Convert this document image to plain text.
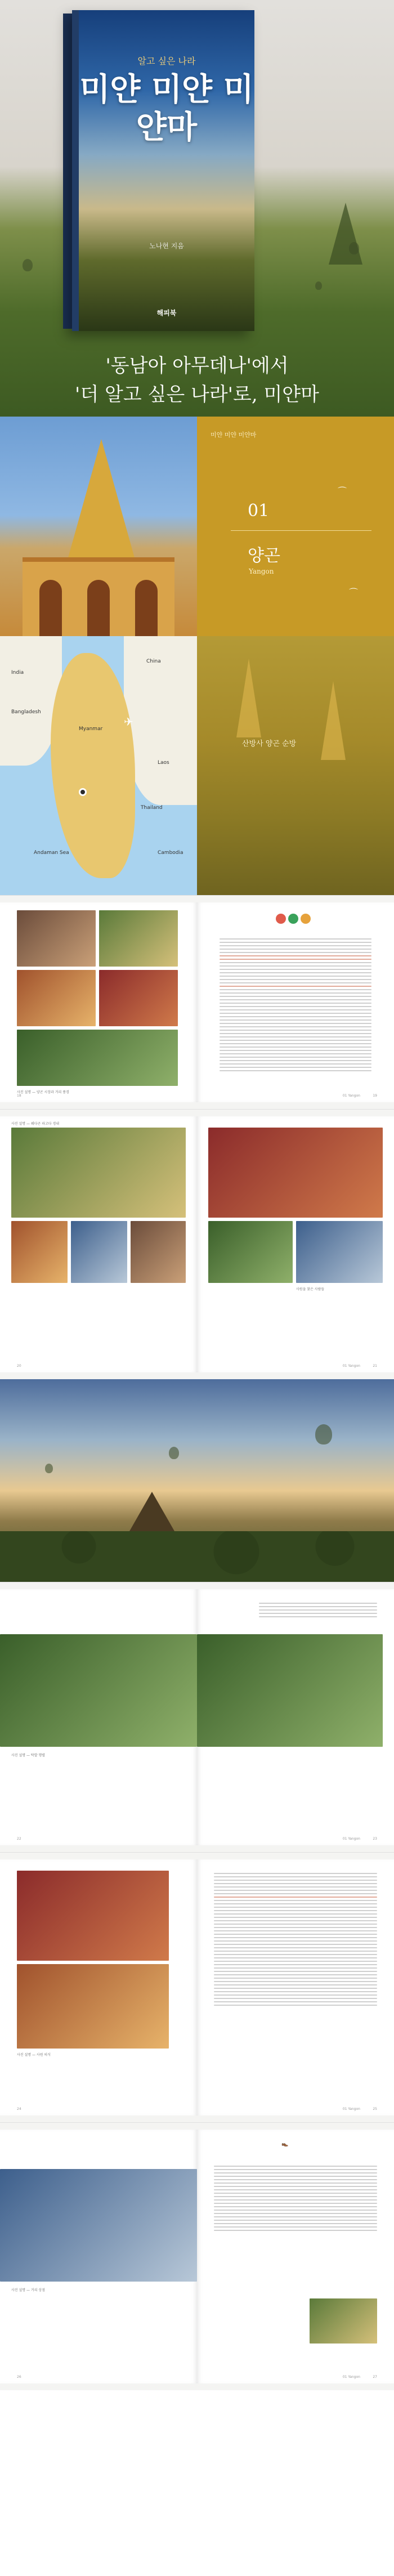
알고 싶은 나라
미얀 미얀 미얀마
노나현 지음
해피북
'동남아 아무데나'에서
'더 알고 싶은 나라'로, 미얀마
미얀 미얀 미얀마
01
양곤
Yangon
⌒
⌒
India
Bangladesh
China
Myanmar
Thailand
Laos
Cambodia
Andaman Sea
✈
산방사 양곤 순방
사진 설명 — 양곤 시장과 거리 풍경
18	01 Yangon	19
사진 설명 — 쉐다곤 파고다 경내
20
사원을 찾은 사람들
01 Yangon	21
사진 설명 — 탁발 행렬
22	01 Yangon	23
사진 설명 — 사원 의식
24	01 Yangon	25
사진 설명 — 거리 상점
26
👞
01 Yangon	27
